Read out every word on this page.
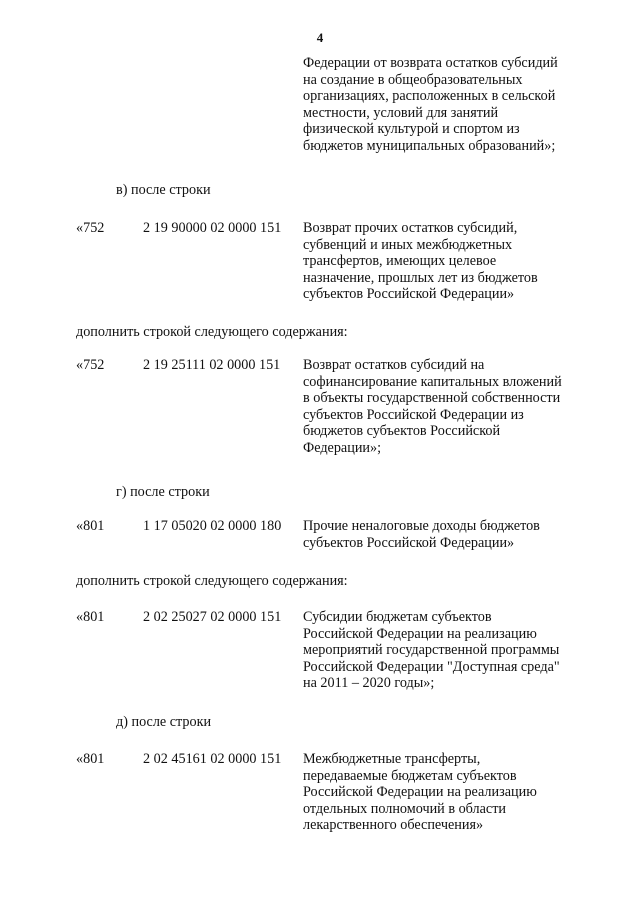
4
Федерации от возврата остатков субсидий
на создание в общеобразовательных
организациях, расположенных в сельской
местности, условий для занятий
физической культурой и спортом из
бюджетов муниципальных образований»;
в) после строки
«752	2 19 90000 02 0000 151 Возврат прочих остатков субсидий,
субвенций и иных межбюджетных
трансфертов, имеющих целевое
назначение, прошлых лет из бюджетов
субъектов Российской Федерации»
дополнить строкой следующего содержания:
«752	2 19 25111 02 0000 151 Возврат остатков субсидий на
софинансирование капитальных вложений
в объекты государственной собственности
субъектов Российской Федерации из
бюджетов субъектов Российской
Федерации»;
г) после строки
«801	1 17 05020 02 0000 180 Прочие неналоговые доходы бюджетов
субъектов Российской Федерации»
дополнить строкой следующего содержания:
«801	2 02 25027 02 0000 151 Субсидии бюджетам субъектов
Российской Федерации на реализацию
мероприятий государственной программы
Российской Федерации "Доступная среда"
на 2011 – 2020 годы»;
д) после строки
«801	2 02 45161 02 0000 151 Межбюджетные трансферты,
передаваемые бюджетам субъектов
Российской Федерации на реализацию
отдельных полномочий в области
лекарственного обеспечения»
